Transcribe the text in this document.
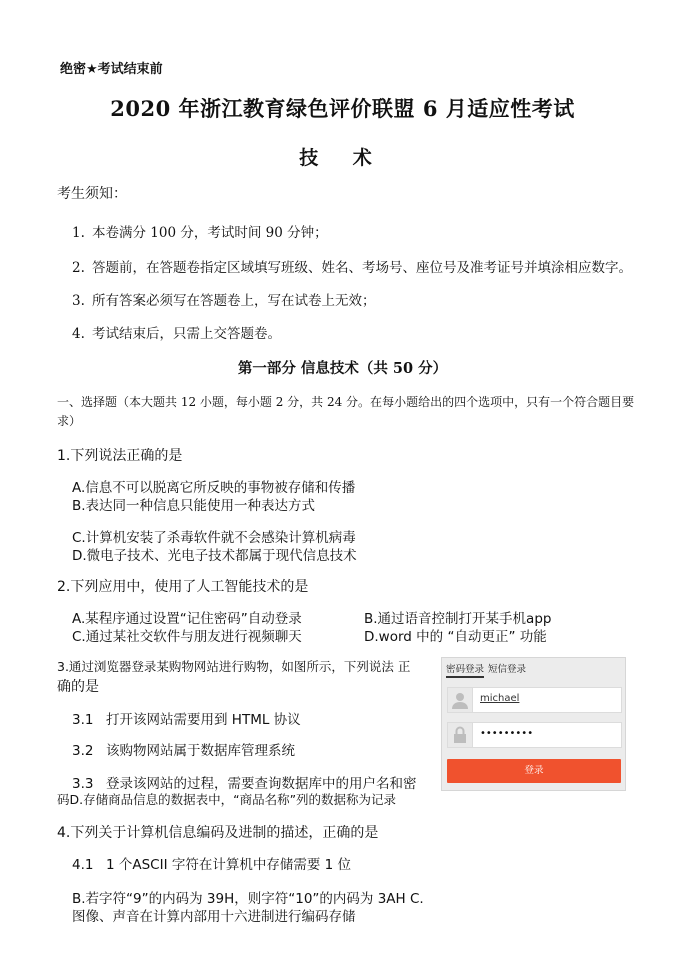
绝密★考试结束前
2020 年浙江教育绿色评价联盟 6 月适应性考试
技 术
考生须知：
1. 本卷满分 100 分，考试时间 90 分钟；
2. 答题前，在答题卷指定区域填写班级、姓名、考场号、座位号及准考证号并填涂相应数字。
3. 所有答案必须写在答题卷上，写在试卷上无效；
4. 考试结束后，只需上交答题卷。
第一部分 信息技术（共 50 分）
一、选择题（本大题共 12 小题，每小题 2 分，共 24 分。在每小题给出的四个选项中，只有一个符合题目要求）
1.下列说法正确的是
A.信息不可以脱离它所反映的事物被存储和传播
B.表达同一种信息只能使用一种表达方式
C.计算机安装了杀毒软件就不会感染计算机病毒
D.微电子技术、光电子技术都属于现代信息技术
2.下列应用中，使用了人工智能技术的是
A.某程序通过设置“记住密码”自动登录	B.通过语音控制打开某手机app
C.通过某社交软件与朋友进行视频聊天	D.word 中的 “自动更正” 功能
3.通过浏览器登录某购物网站进行购物，如图所示，下列说法 正
确的是
3.1 打开该网站需要用到 HTML 协议
3.2 该购物网站属于数据库管理系统
3.3 登录该网站的过程，需要查询数据库中的用户名和密
码D.存储商品信息的数据表中，“商品名称”列的数据称为记录
密码登录 短信登录
michael
•••••••••
登录
4.下列关于计算机信息编码及进制的描述，正确的是
4.1 1 个ASCII 字符在计算机中存储需要 1 位
B.若字符“9”的内码为 39H，则字符“10”的内码为 3AH C.
图像、声音在计算内部用十六进制进行编码存储
